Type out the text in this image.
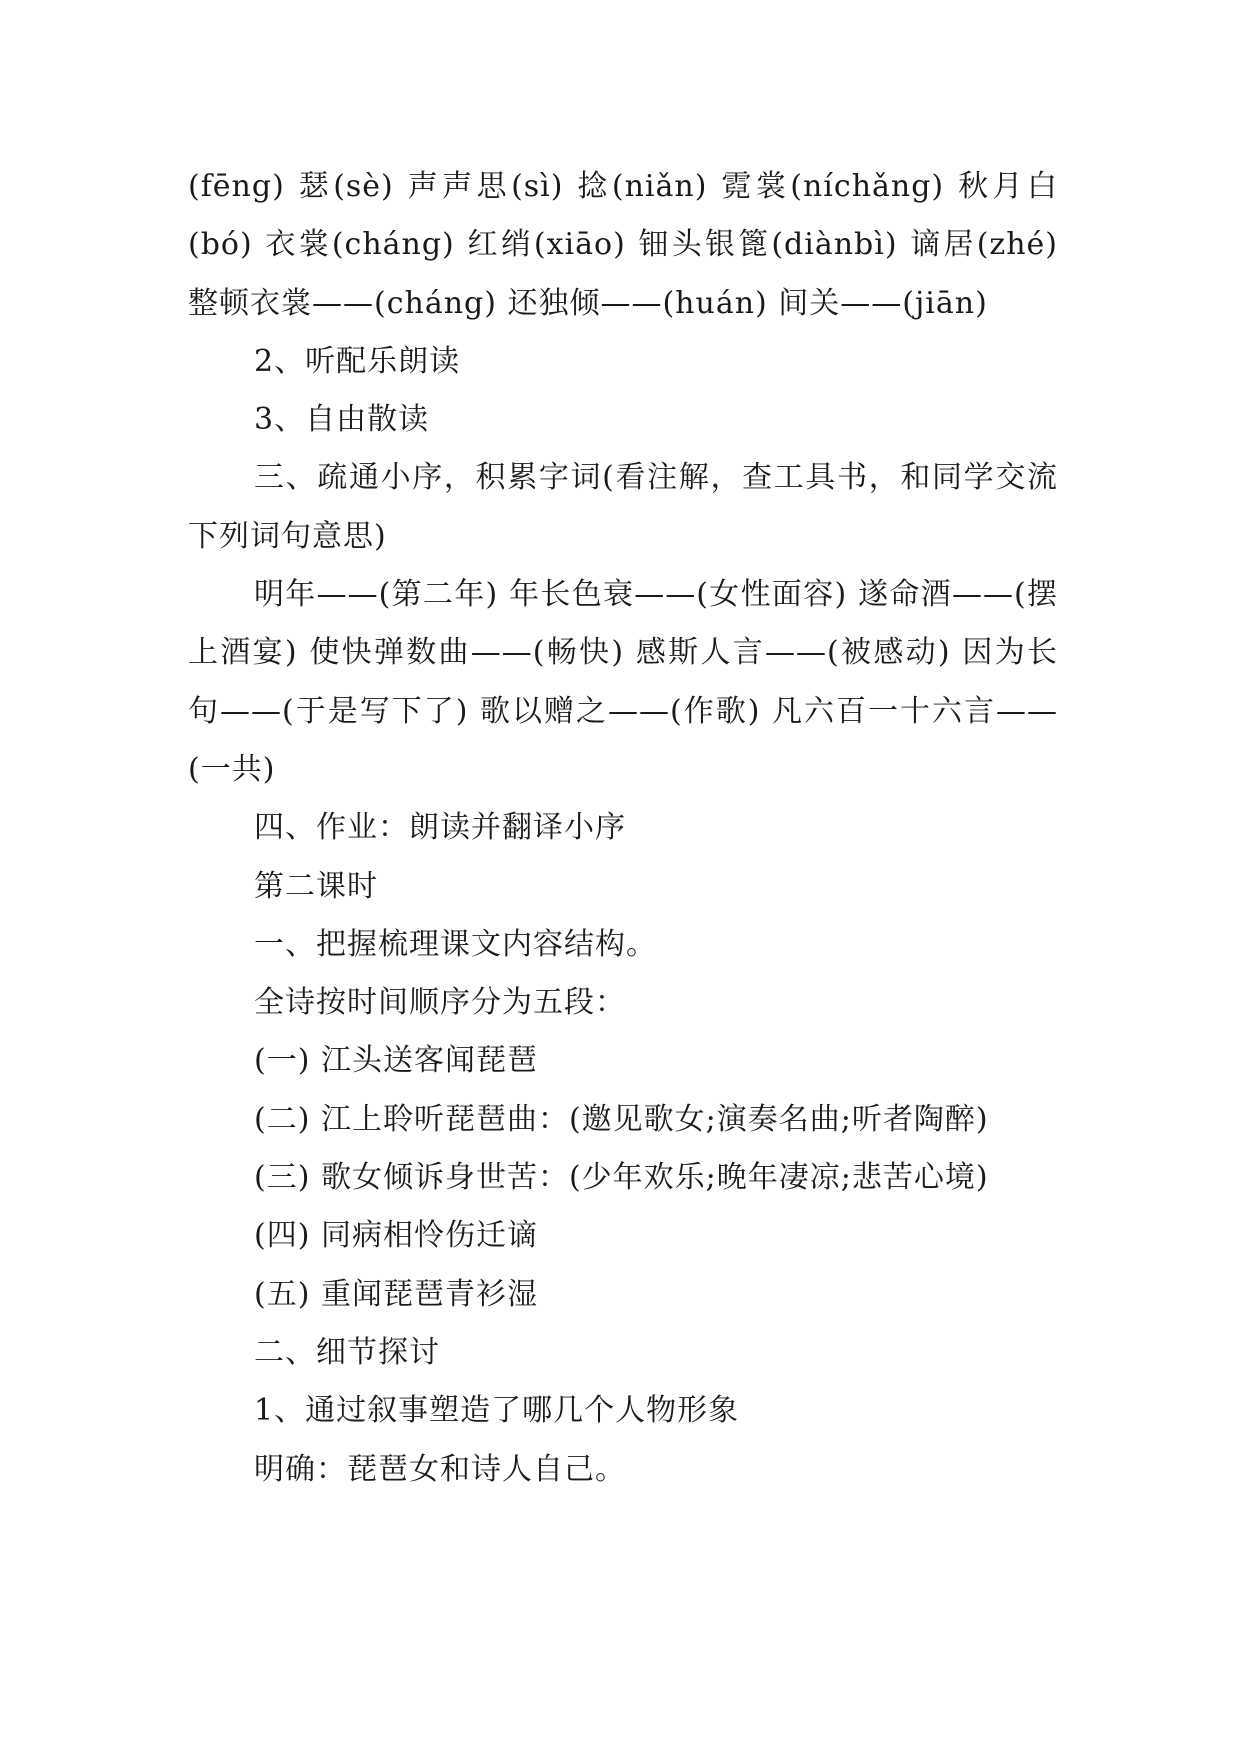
(fēng) 瑟(sè) 声声思(sì) 捻(niǎn) 霓裳(níchǎng) 秋月白(bó) 衣裳(cháng) 红绡(xiāo) 钿头银篦(diànbì) 谪居(zhé) 整顿衣裳——(cháng) 还独倾——(huán) 间关——(jiān)

2、听配乐朗读

3、自由散读

三、疏通小序，积累字词(看注解，查工具书，和同学交流下列词句意思)

明年——(第二年) 年长色衰——(女性面容) 遂命酒——(摆上酒宴) 使快弹数曲——(畅快) 感斯人言——(被感动) 因为长句——(于是写下了) 歌以赠之——(作歌) 凡六百一十六言——(一共)

四、作业：朗读并翻译小序

第二课时

一、把握梳理课文内容结构。

全诗按时间顺序分为五段：

(一) 江头送客闻琵琶

(二) 江上聆听琵琶曲：(邀见歌女;演奏名曲;听者陶醉)

(三) 歌女倾诉身世苦：(少年欢乐;晚年凄凉;悲苦心境)

(四) 同病相怜伤迁谪

(五) 重闻琵琶青衫湿

二、细节探讨

1、通过叙事塑造了哪几个人物形象

明确：琵琶女和诗人自己。
